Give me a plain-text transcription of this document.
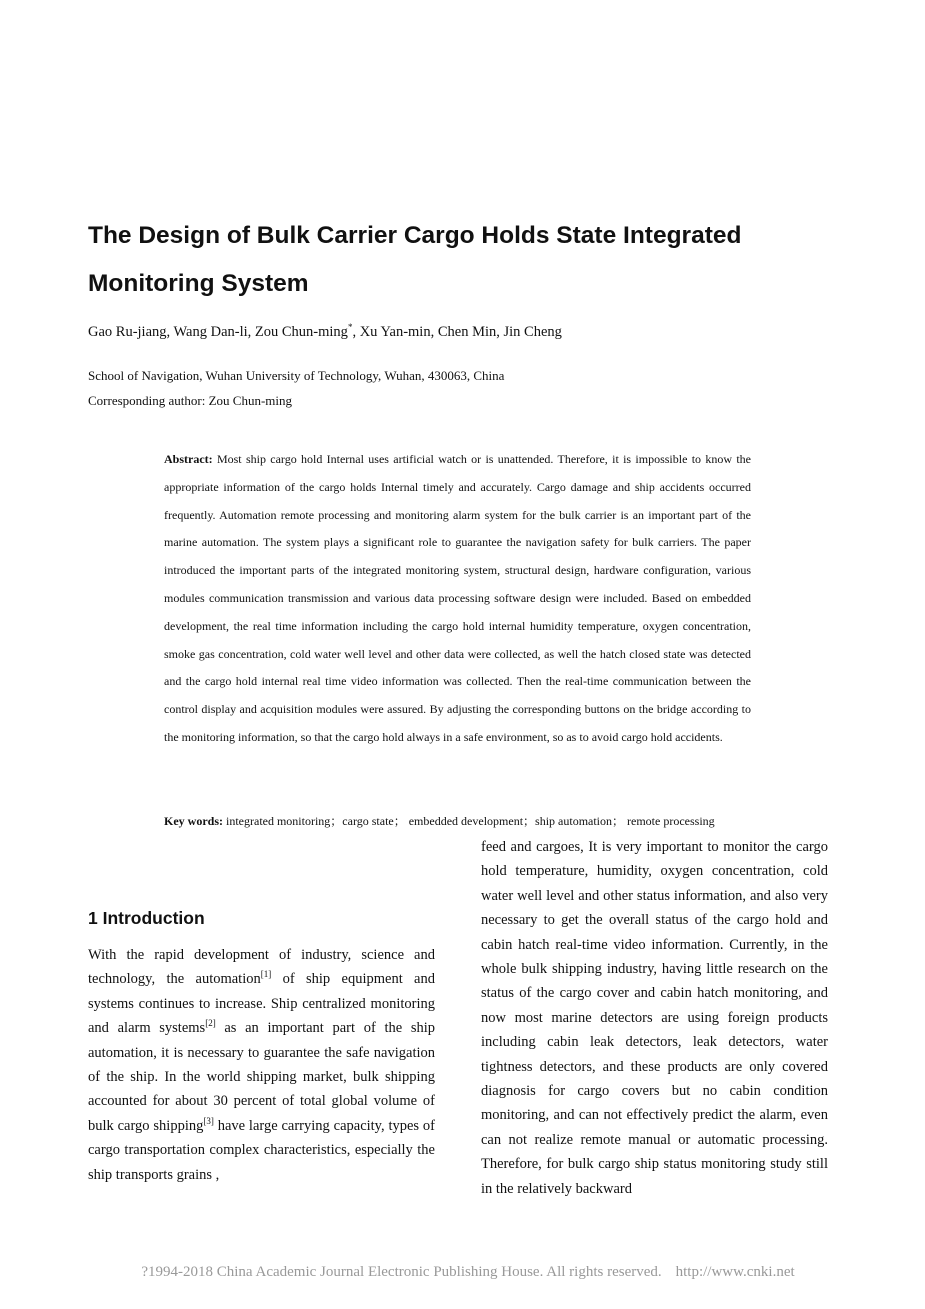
The Design of Bulk Carrier Cargo Holds State Integrated Monitoring System
Gao Ru-jiang, Wang Dan-li, Zou Chun-ming*, Xu Yan-min, Chen Min, Jin Cheng
School of Navigation, Wuhan University of Technology, Wuhan, 430063, China
Corresponding author: Zou Chun-ming

Abstract: Most ship cargo hold Internal uses artificial watch or is unattended. Therefore, it is impossible to know the appropriate information of the cargo holds Internal timely and accurately. Cargo damage and ship accidents occurred frequently. Automation remote processing and monitoring alarm system for the bulk carrier is an important part of the marine automation. The system plays a significant role to guarantee the navigation safety for bulk carriers. The paper introduced the important parts of the integrated monitoring system, structural design, hardware configuration, various modules communication transmission and various data processing software design were included. Based on embedded development, the real time information including the cargo hold internal humidity temperature, oxygen concentration, smoke gas concentration, cold water well level and other data were collected, as well the hatch closed state was detected and the cargo hold internal real time video information was collected. Then the real-time communication between the control display and acquisition modules were assured. By adjusting the corresponding buttons on the bridge according to the monitoring information, so that the cargo hold always in a safe environment, so as to avoid cargo hold accidents.

Key words: integrated monitoring；cargo state； embedded development；ship automation； remote processing

1 Introduction

With the rapid development of industry, science and technology, the automation[1] of ship equipment and systems continues to increase. Ship centralized monitoring and alarm systems[2] as an important part of the ship automation, it is necessary to guarantee the safe navigation of the ship. In the world shipping market, bulk shipping accounted for about 30 percent of total global volume of bulk cargo shipping[3] have large carrying capacity, types of cargo transportation complex characteristics, especially the ship transports grains ,

feed and cargoes, It is very important to monitor the cargo hold temperature, humidity, oxygen concentration, cold water well level and other status information, and also very necessary to get the overall status of the cargo hold and cabin hatch real-time video information. Currently, in the whole bulk shipping industry, having little research on the status of the cargo cover and cabin hatch monitoring, and now most marine detectors are using foreign products including cabin leak detectors, leak detectors, water tightness detectors, and these products are only covered diagnosis for cargo covers but no cabin condition monitoring, and can not effectively predict the alarm, even can not realize remote manual or automatic processing. Therefore, for bulk cargo ship status monitoring study still in the relatively backward

?1994-2018 China Academic Journal Electronic Publishing House. All rights reserved. http://www.cnki.net
